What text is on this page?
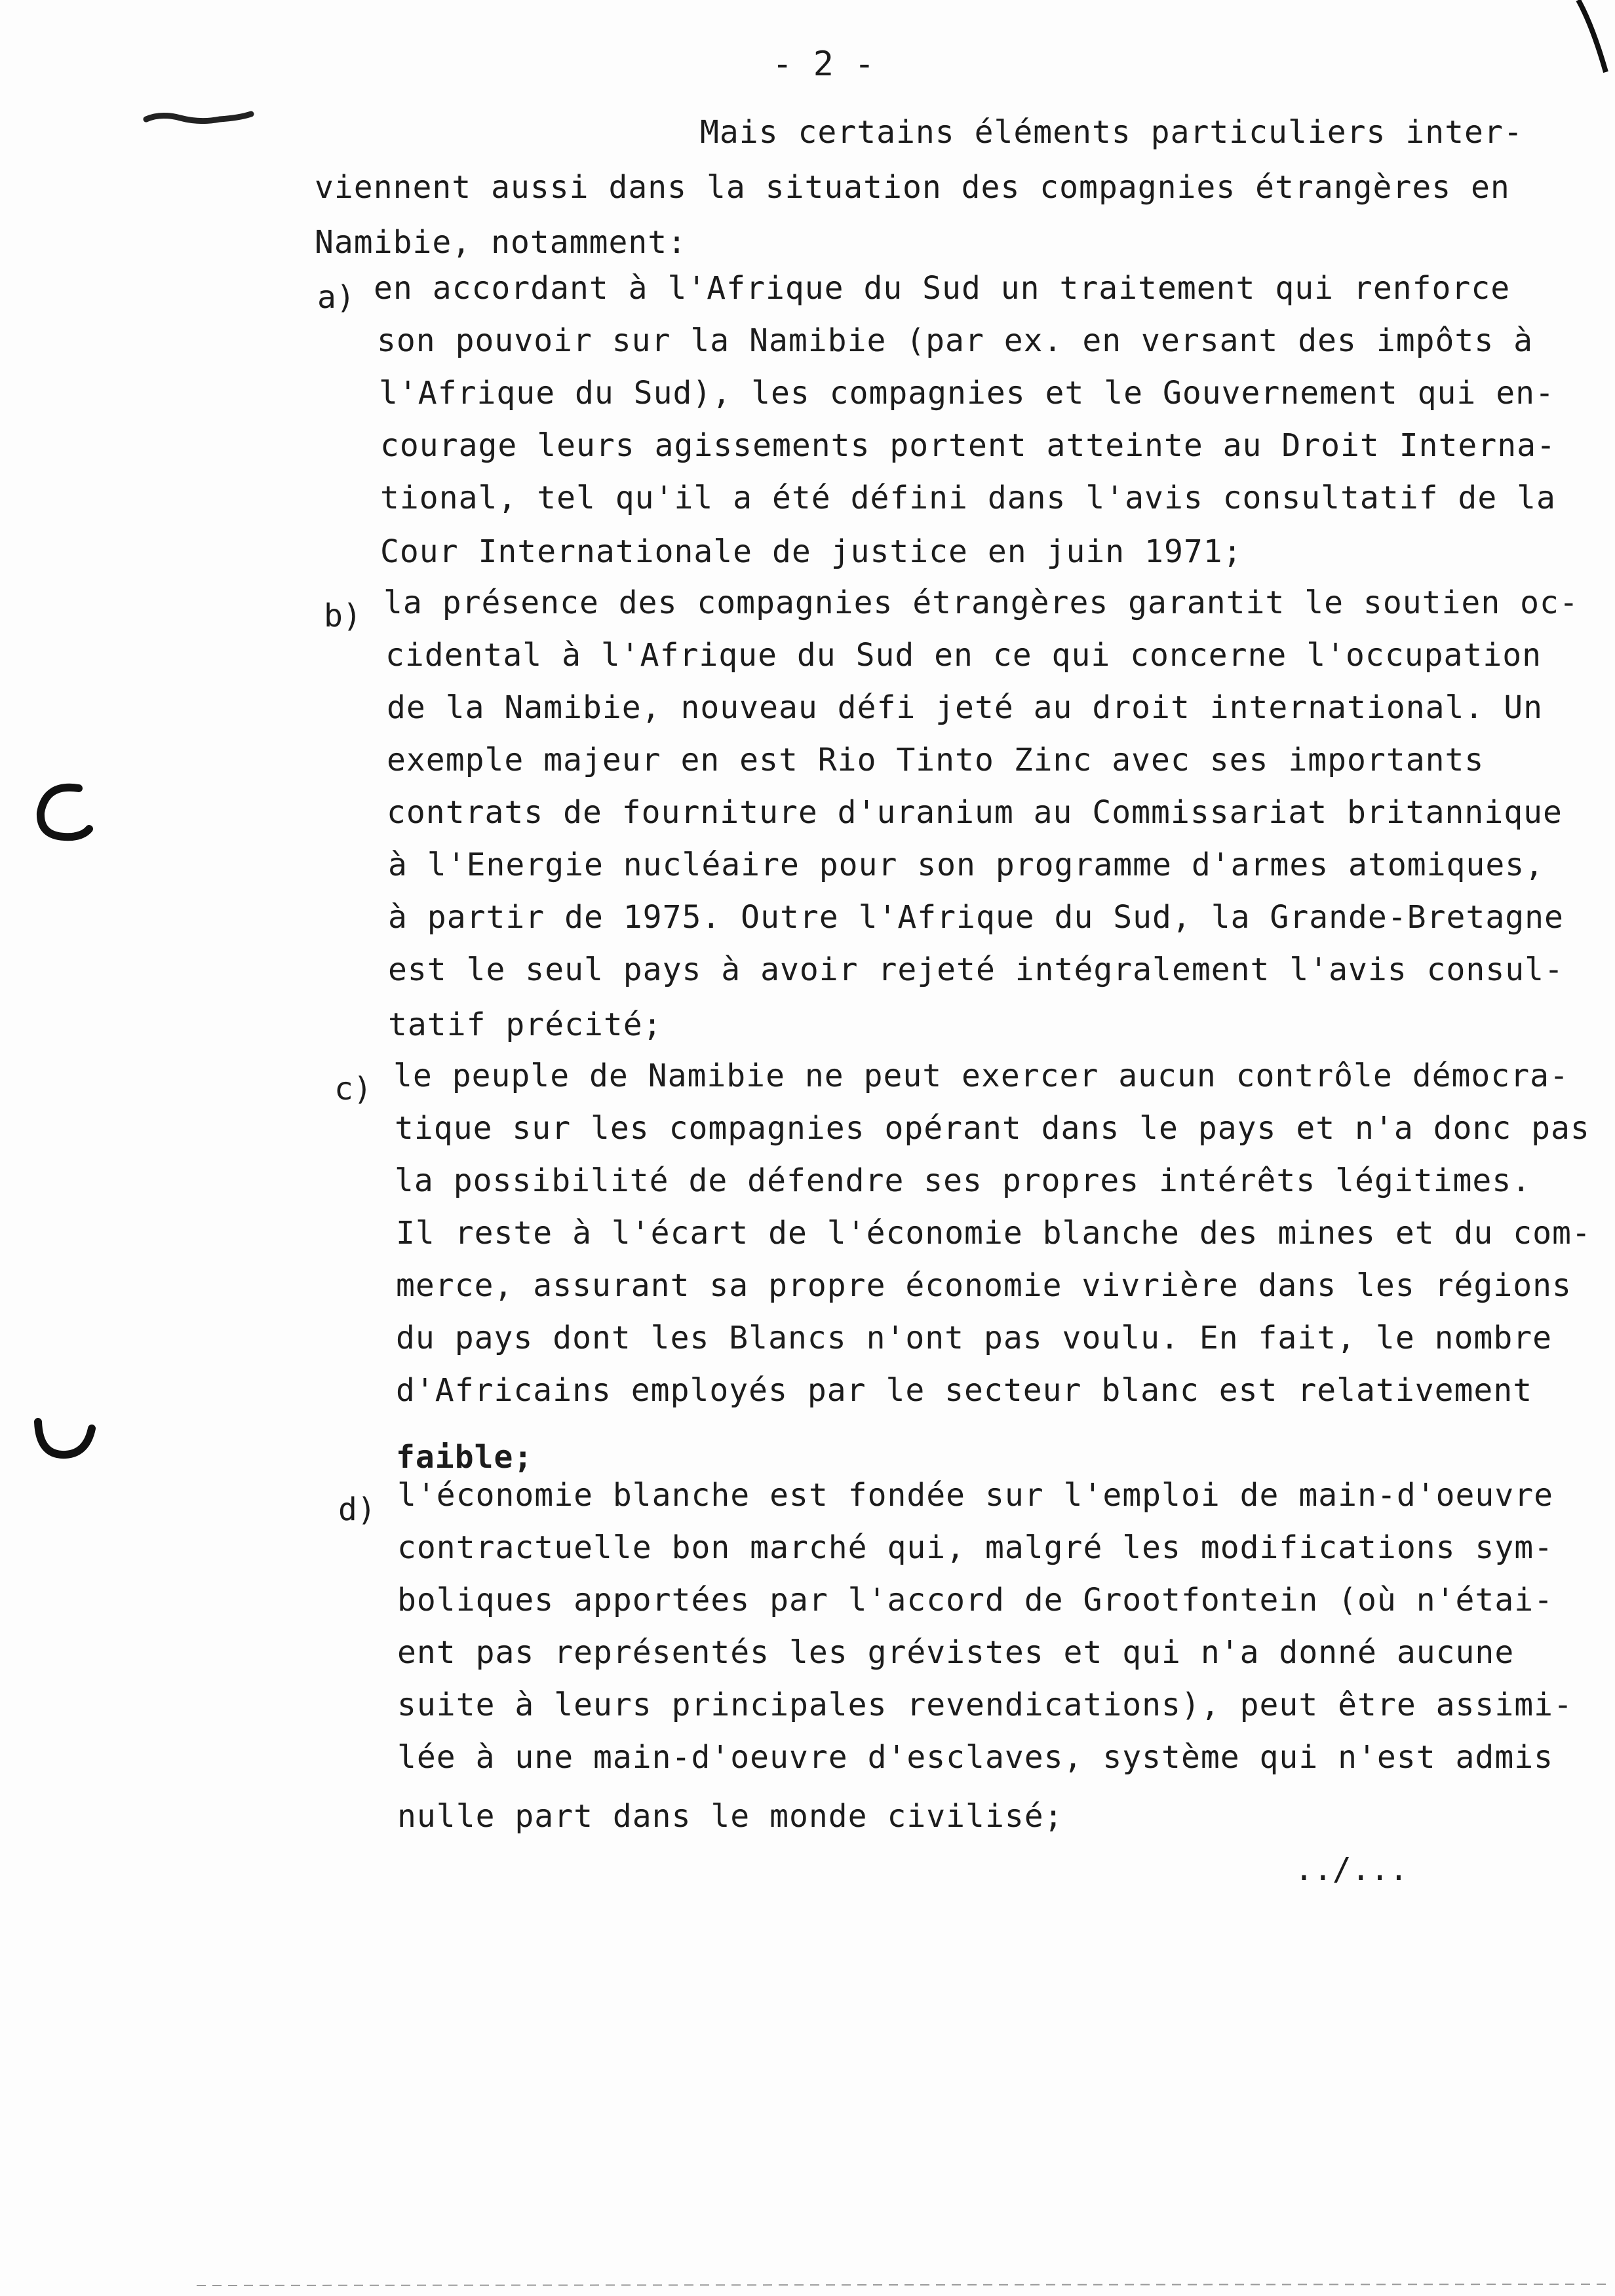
- 2 -
Mais certains éléments particuliers inter-
viennent aussi dans la situation des compagnies étrangères en
Namibie, notamment:
a) en accordant à l'Afrique du Sud un traitement qui renforce
son pouvoir sur la Namibie (par ex. en versant des impôts à
l'Afrique du Sud), les compagnies et le Gouvernement qui en-
courage leurs agissements portent atteinte au Droit Interna-
tional, tel qu'il a été défini dans l'avis consultatif de la
Cour Internationale de justice en juin 1971;
b) la présence des compagnies étrangères garantit le soutien oc-
cidental à l'Afrique du Sud en ce qui concerne l'occupation
de la Namibie, nouveau défi jeté au droit international. Un
exemple majeur en est Rio Tinto Zinc avec ses importants
contrats de fourniture d'uranium au Commissariat britannique
à l'Energie nucléaire pour son programme d'armes atomiques,
à partir de 1975. Outre l'Afrique du Sud, la Grande-Bretagne
est le seul pays à avoir rejeté intégralement l'avis consul-
tatif précité;
c) le peuple de Namibie ne peut exercer aucun contrôle démocra-
tique sur les compagnies opérant dans le pays et n'a donc pas
la possibilité de défendre ses propres intérêts légitimes.
Il reste à l'écart de l'économie blanche des mines et du com-
merce, assurant sa propre économie vivrière dans les régions
du pays dont les Blancs n'ont pas voulu. En fait, le nombre
d'Africains employés par le secteur blanc est relativement
faible;
d) l'économie blanche est fondée sur l'emploi de main-d'oeuvre
contractuelle bon marché qui, malgré les modifications sym-
boliques apportées par l'accord de Grootfontein (où n'étai-
ent pas représentés les grévistes et qui n'a donné aucune
suite à leurs principales revendications), peut être assimi-
lée à une main-d'oeuvre d'esclaves, système qui n'est admis
nulle part dans le monde civilisé;
../...
